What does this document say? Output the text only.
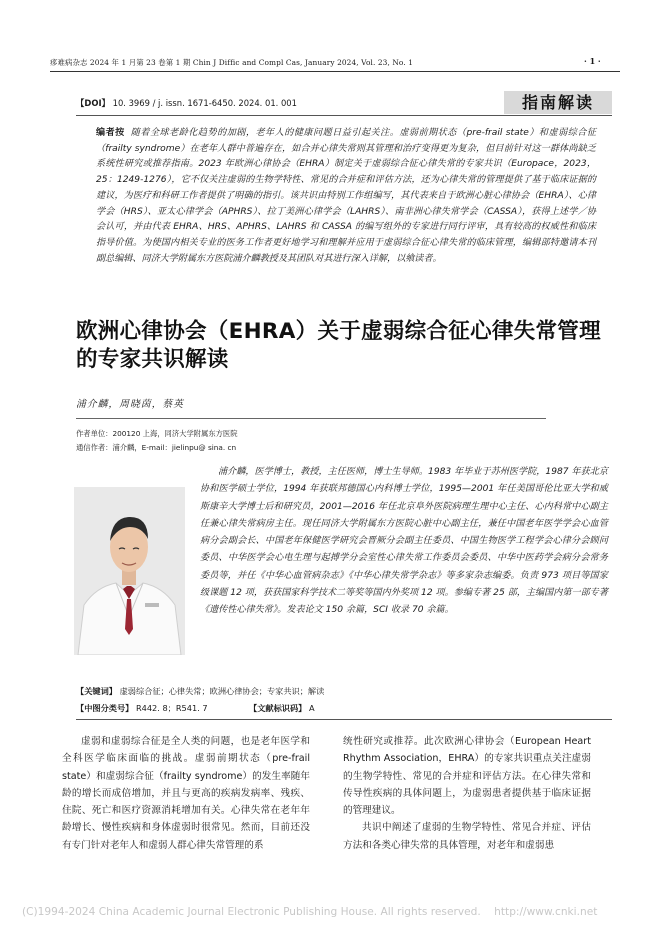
痑难病杂志 2024 年 1 月第 23 卷第 1 期 Chin J Diffic and Compl Cas, January 2024, Vol. 23, No. 1	· 1 ·
【DOI】 10. 3969 / j. issn. 1671-6450. 2024. 01. 001	指南解读

编者按 随着全球老龄化趋势的加剧，老年人的健康问题日益引起关注。虚弱前期状态（pre-frail state）和虚弱综合征（frailty syndrome）在老年人群中普遍存在，如合并心律失常则其管理和治疗变得更为复杂，但目前针对这一群体尚缺乏系统性研究或推荐指南。2023 年欧洲心律协会（EHRA）制定关于虚弱综合征心律失常的专家共识（Europace，2023，25：1249-1276），它不仅关注虚弱的生物学特性、常见的合并症和评估方法，还为心律失常的管理提供了基于临床证据的建议，为医疗和科研工作者提供了明确的指引。该共识由特别工作组编写，其代表来自于欧洲心脏心律协会（EHRA）、心律学会（HRS）、亚太心律学会（APHRS）、拉丁美洲心律学会（LAHRS）、南非洲心律失常学会（CASSA），获得上述学／协会认可，并由代表 EHRA、HRS、APHRS、LAHRS 和 CASSA 的编写组外的专家进行同行评审，具有较高的权威性和临床指导价值。为使国内相关专业的医务工作者更好地学习和理解并应用于虚弱综合征心律失常的临床管理，编辑部特邀请本刊副总编辑、同济大学附属东方医院浦介麟教授及其团队对其进行深入详解，以飨读者。

欧洲心律协会（EHRA）关于虚弱综合征心律失常管理的专家共识解读
浦介麟，周晓茵，蔡英
作者单位：200120 上海，同济大学附属东方医院
通信作者：浦介麟，E-mail：jielinpu@ sina. cn

浦介麟，医学博士，教授，主任医师，博士生导师。1983 年毕业于苏州医学院，1987 年获北京协和医学硕士学位，1994 年获联邦德国心内科博士学位，1995—2001 年任美国哥伦比亚大学和威斯康辛大学博士后和研究员，2001—2016 年任北京阜外医院病理生理中心主任、心内科常中心副主任兼心律失常病房主任。现任同济大学附属东方医院心脏中心副主任，兼任中国老年医学学会心血管病分会副会长、中国老年保健医学研究会晋厥分会副主任委员、中国生物医学工程学会心律分会顾问委员、中华医学会心电生理与起搏学分会室性心律失常工作委员会委员、中华中医药学会病分会常务委员等，并任《中华心血管病杂志》《中华心律失常学杂志》等多家杂志编委。负责 973 项目等国家级课题 12 项，获获国家科学技术二等奖等国内外奖项 12 项。参编专著 25 部，主编国内第一部专著《遗传性心律失常》。发表论文 150 余篇，SCI 收录 70 余篇。

【关键词】 虚弱综合征；心律失常；欧洲心律协会；专家共识；解读
【中图分类号】 R442. 8；R541. 7	【文献标识码】 A

虚弱和虚弱综合征是全人类的问题，也是老年医学和全科医学临床面临的挑战。虚弱前期状态（pre-frail state）和虚弱综合征（frailty syndrome）的发生率随年龄的增长而成倍增加，并且与更高的疾病发病率、残疾、住院、死亡和医疗资源消耗增加有关。心律失常在老年年龄增长、慢性疾病和身体虚弱时很常见。然而，目前还没有专门针对老年人和虚弱人群心律失常管理的系

统性研究或推荐。此次欧洲心律协会（European Heart Rhythm Association，EHRA）的专家共识重点关注虚弱的生物学特性、常见的合并症和评估方法。在心律失常和传导性疾病的具体问题上，为虚弱患者提供基于临床证据的管理建议。

共识中阐述了虚弱的生物学特性、常见合并症、评估方法和各类心律失常的具体管理，对老年和虚弱患

(C)1994-2024 China Academic Journal Electronic Publishing House. All rights reserved.    http://www.cnki.net
